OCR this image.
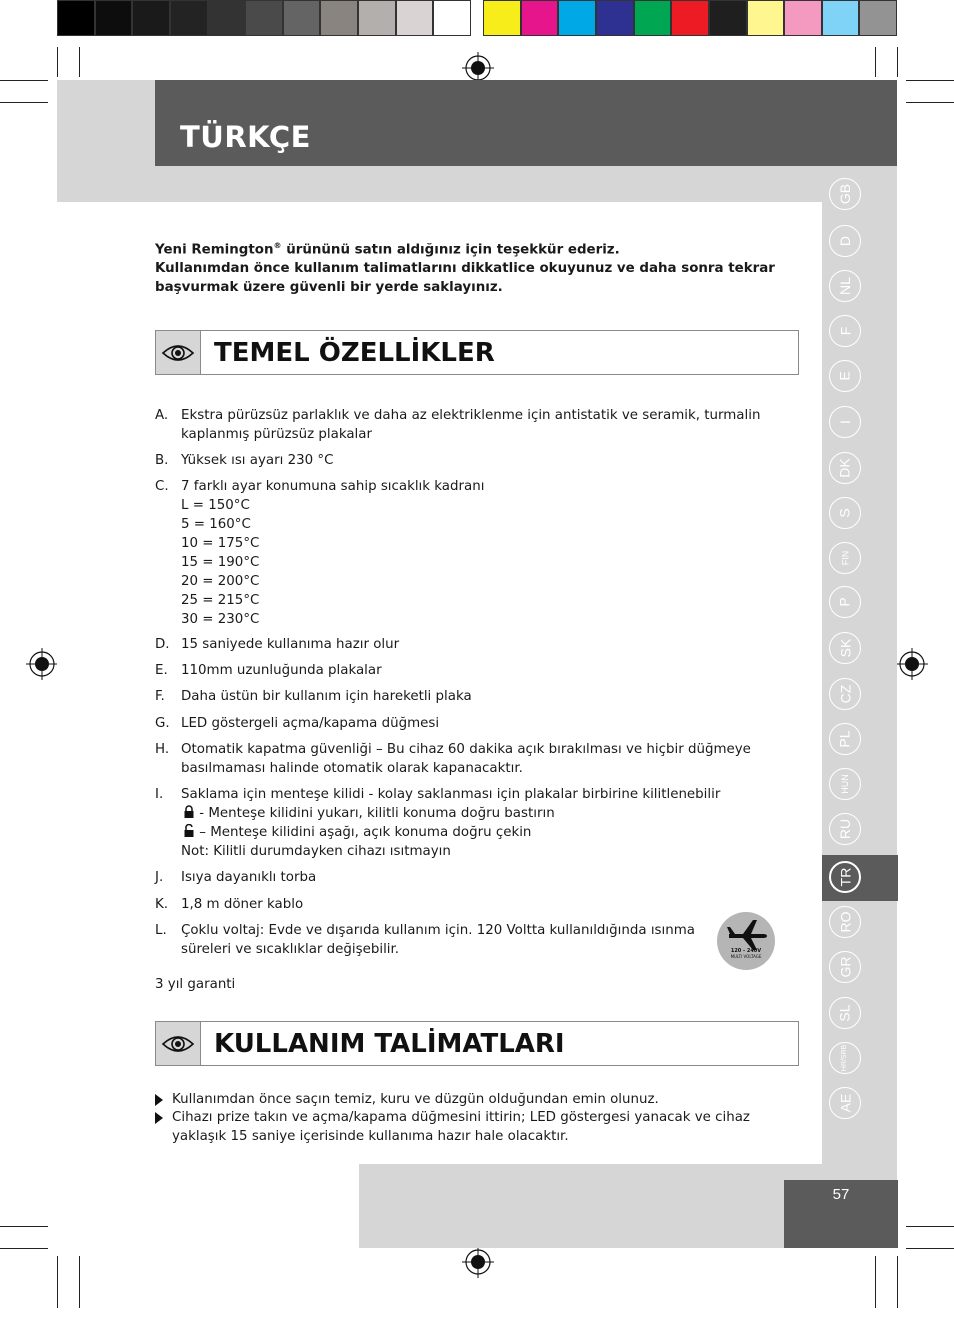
TÜRKÇE
57
GB
D
NL
F
E
I
DK
S
FIN
P
SK
CZ
PL
HUN
RU
TR
RO
GR
SL
HR/SRB
AE
Yeni Remington® ürününü satın aldığınız için teşekkür ederiz.
Kullanımdan önce kullanım talimatlarını dikkatlice okuyunuz ve daha sonra tekrar başvurmak üzere güvenli bir yerde saklayınız.
TEMEL ÖZELLİKLER
A. Ekstra pürüzsüz parlaklık ve daha az elektriklenme için antistatik ve seramik, turmalin kaplanmış pürüzsüz plakalar
B. Yüksek ısı ayarı 230 °C
C. 7 farklı ayar konumuna sahip sıcaklık kadranı
L = 150°C
5 = 160°C
10 = 175°C
15 = 190°C
20 = 200°C
25 = 215°C
30 = 230°C
D. 15 saniyede kullanıma hazır olur
E. 110mm uzunluğunda plakalar
F. Daha üstün bir kullanım için hareketli plaka
G. LED göstergeli açma/kapama düğmesi
H. Otomatik kapatma güvenliği – Bu cihaz 60 dakika açık bırakılması ve hiçbir düğmeye basılmaması halinde otomatik olarak kapanacaktır.
I. Saklama için menteşe kilidi - kolay saklanması için plakalar birbirine kilitlenebilir
- Menteşe kilidini yukarı, kilitli konuma doğru bastırın
– Menteşe kilidini aşağı, açık konuma doğru çekin
Not: Kilitli durumdayken cihazı ısıtmayın
J. Isıya dayanıklı torba
K. 1,8 m döner kablo
L. Çoklu voltaj: Evde ve dışarıda kullanım için. 120 Voltta kullanıldığında ısınma süreleri ve sıcaklıklar değişebilir.	120 - 240V
MULTI VOLTAGE
3 yıl garanti
KULLANIM TALİMATLARI
Kullanımdan önce saçın temiz, kuru ve düzgün olduğundan emin olunuz.
Cihazı prize takın ve açma/kapama düğmesini ittirin; LED göstergesi yanacak ve cihaz yaklaşık 15 saniye içerisinde kullanıma hazır hale olacaktır.
